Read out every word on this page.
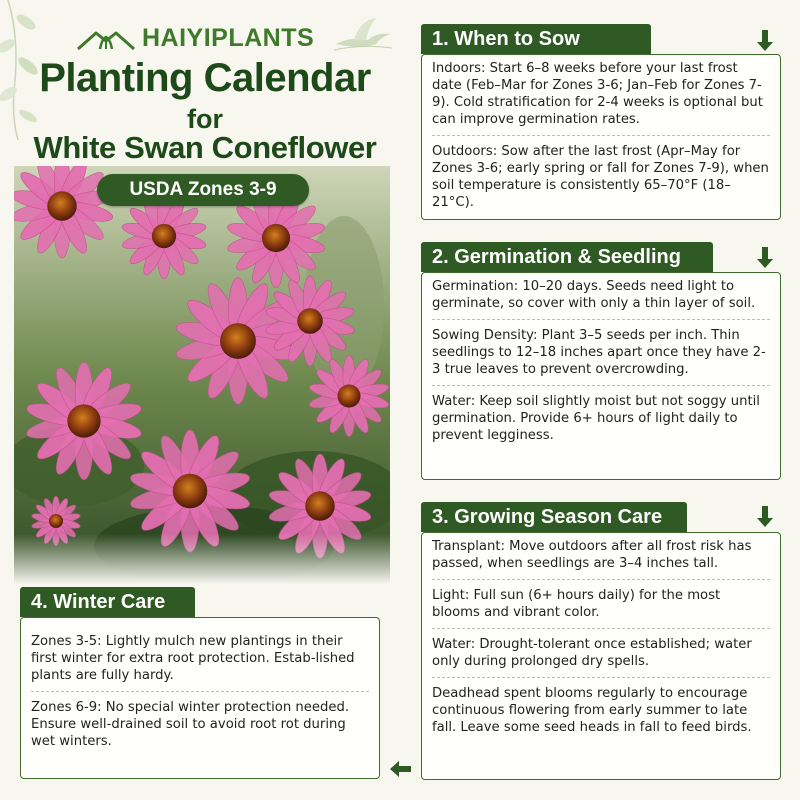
HAIYIPLANTS
Planting Calendar
for
White Swan Coneflower
USDA Zones 3-9
1. When to Sow
Indoors: Start 6–8 weeks before your last frost date (Feb–Mar for Zones 3-6; Jan–Feb for Zones 7-9). Cold stratification for 2-4 weeks is optional but can improve germination rates.
Outdoors: Sow after the last frost (Apr–May for Zones 3-6; early spring or fall for Zones 7-9), when soil temperature is consistently 65–70°F (18–21°C).
2. Germination & Seedling
Germination: 10–20 days. Seeds need light to germinate, so cover with only a thin layer of soil.
Sowing Density: Plant 3–5 seeds per inch. Thin seedlings to 12–18 inches apart once they have 2-3 true leaves to prevent overcrowding.
Water: Keep soil slightly moist but not soggy until germination. Provide 6+ hours of light daily to prevent legginess.
3. Growing Season Care
Transplant: Move outdoors after all frost risk has passed, when seedlings are 3–4 inches tall.
Light: Full sun (6+ hours daily) for the most blooms and vibrant color.
Water: Drought-tolerant once established; water only during prolonged dry spells.
Deadhead spent blooms regularly to encourage continuous flowering from early summer to late fall. Leave some seed heads in fall to feed birds.
4. Winter Care
Zones 3-5: Lightly mulch new plantings in their first winter for extra root protection. Estab-lished plants are fully hardy.
Zones 6-9: No special winter protection needed. Ensure well-drained soil to avoid root rot during wet winters.
